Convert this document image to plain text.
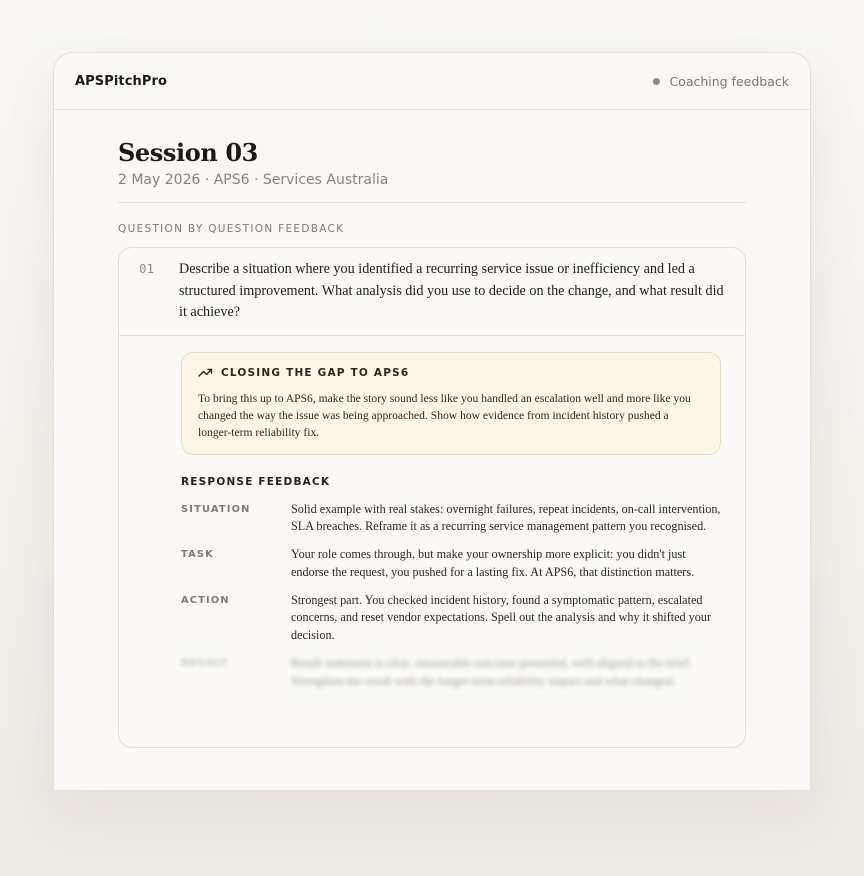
APSPitchPro	Coaching feedback
Session 03
2 May 2026 · APS6 · Services Australia
QUESTION BY QUESTION FEEDBACK
01	Describe a situation where you identified a recurring service issue or inefficiency and led a structured improvement. What analysis did you use to decide on the change, and what result did it achieve?
CLOSING THE GAP TO APS6

To bring this up to APS6, make the story sound less like you handled an escalation well and more like you changed the way the issue was being approached. Show how evidence from incident history pushed a longer-term reliability fix.

RESPONSE FEEDBACK
SITUATION	Solid example with real stakes: overnight failures, repeat incidents, on-call intervention, SLA breaches. Reframe it as a recurring service management pattern you recognised.
TASK	Your role comes through, but make your ownership more explicit: you didn't just endorse the request, you pushed for a lasting fix. At APS6, that distinction matters.
ACTION	Strongest part. You checked incident history, found a symptomatic pattern, escalated concerns, and reset vendor expectations. Spell out the analysis and why it shifted your decision.
RESULT	Result statement is clear, measurable outcome presented, well-aligned to the brief. Strengthen the result with the longer-term reliability impact and what changed.
